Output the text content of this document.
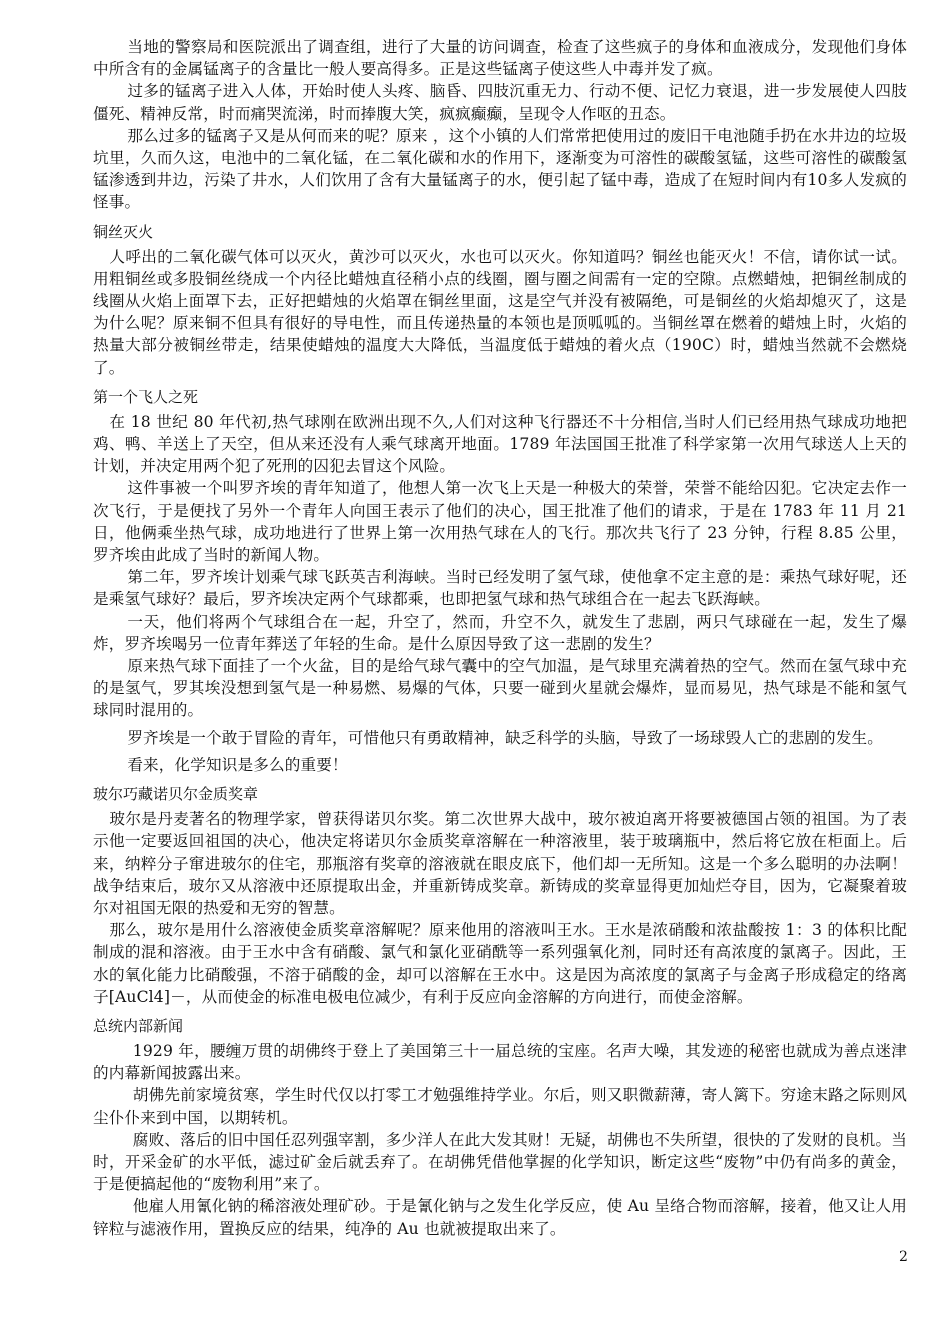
当地的警察局和医院派出了调查组，进行了大量的访问调查，检查了这些疯子的身体和血液成分，发现他们身体中所含有的金属锰离子的含量比一般人要高得多。正是这些锰离子使这些人中毒并发了疯。

过多的锰离子进入人体，开始时使人头疼、脑昏、四肢沉重无力、行动不便、记忆力衰退，进一步发展使人四肢僵死、精神反常，时而痛哭流涕，时而捧腹大笑，疯疯癫癫，呈现令人作呕的丑态。

那么过多的锰离子又是从何而来的呢？原来 ，这个小镇的人们常常把使用过的废旧干电池随手扔在水井边的垃圾坑里，久而久这，电池中的二氧化锰，在二氧化碳和水的作用下，逐渐变为可溶性的碳酸氢锰，这些可溶性的碳酸氢锰渗透到井边，污染了井水，人们饮用了含有大量锰离子的水，便引起了锰中毒，造成了在短时间内有10多人发疯的怪事。

铜丝灭火

人呼出的二氧化碳气体可以灭火，黄沙可以灭火，水也可以灭火。你知道吗？铜丝也能灭火！不信，请你试一试。用粗铜丝或多股铜丝绕成一个内径比蜡烛直径稍小点的线圈，圈与圈之间需有一定的空隙。点燃蜡烛，把铜丝制成的线圈从火焰上面罩下去，正好把蜡烛的火焰罩在铜丝里面，这是空气并没有被隔绝，可是铜丝的火焰却熄灭了，这是为什么呢？原来铜不但具有很好的导电性，而且传递热量的本领也是顶呱呱的。当铜丝罩在燃着的蜡烛上时，火焰的热量大部分被铜丝带走，结果使蜡烛的温度大大降低，当温度低于蜡烛的着火点（190C）时，蜡烛当然就不会燃烧了。

第一个飞人之死

在 18 世纪 80 年代初,热气球刚在欧洲出现不久,人们对这种飞行器还不十分相信,当时人们已经用热气球成功地把鸡、鸭、羊送上了天空，但从来还没有人乘气球离开地面。1789 年法国国王批准了科学家第一次用气球送人上天的计划，并决定用两个犯了死刑的囚犯去冒这个风险。

这件事被一个叫罗齐埃的青年知道了，他想人第一次飞上天是一种极大的荣誉，荣誉不能给囚犯。它决定去作一次飞行，于是便找了另外一个青年人向国王表示了他们的决心，国王批准了他们的请求，于是在 1783 年 11 月 21 日，他俩乘坐热气球，成功地进行了世界上第一次用热气球在人的飞行。那次共飞行了 23 分钟，行程 8.85 公里，罗齐埃由此成了当时的新闻人物。

第二年，罗齐埃计划乘气球飞跃英吉利海峡。当时已经发明了氢气球，使他拿不定主意的是：乘热气球好呢，还是乘氢气球好？最后，罗齐埃决定两个气球都乘，也即把氢气球和热气球组合在一起去飞跃海峡。

一天，他们将两个气球组合在一起，升空了，然而，升空不久，就发生了悲剧，两只气球碰在一起，发生了爆炸，罗齐埃喝另一位青年葬送了年轻的生命。是什么原因导致了这一悲剧的发生？

原来热气球下面挂了一个火盆，目的是给气球气囊中的空气加温，是气球里充满着热的空气。然而在氢气球中充的是氢气，罗其埃没想到氢气是一种易燃、易爆的气体，只要一碰到火星就会爆炸，显而易见，热气球是不能和氢气球同时混用的。

罗齐埃是一个敢于冒险的青年，可惜他只有勇敢精神，缺乏科学的头脑，导致了一场球毁人亡的悲剧的发生。

看来，化学知识是多么的重要！

玻尔巧藏诺贝尔金质奖章

玻尔是丹麦著名的物理学家，曾获得诺贝尔奖。第二次世界大战中，玻尔被迫离开将要被德国占领的祖国。为了表示他一定要返回祖国的决心，他决定将诺贝尔金质奖章溶解在一种溶液里，装于玻璃瓶中，然后将它放在柜面上。后来，纳粹分子窜进玻尔的住宅，那瓶溶有奖章的溶液就在眼皮底下，他们却一无所知。这是一个多么聪明的办法啊！战争结束后，玻尔又从溶液中还原提取出金，并重新铸成奖章。新铸成的奖章显得更加灿烂夺目，因为，它凝聚着玻尔对祖国无限的热爱和无穷的智慧。

那么，玻尔是用什么溶液使金质奖章溶解呢？原来他用的溶液叫王水。王水是浓硝酸和浓盐酸按 1：3 的体积比配制成的混和溶液。由于王水中含有硝酸、氯气和氯化亚硝酰等一系列强氧化剂，同时还有高浓度的氯离子。因此，王水的氧化能力比硝酸强，不溶于硝酸的金，却可以溶解在王水中。这是因为高浓度的氯离子与金离子形成稳定的络离子[AuCl4]－，从而使金的标准电极电位减少，有利于反应向金溶解的方向进行，而使金溶解。

总统内部新闻

1929 年，腰缠万贯的胡佛终于登上了美国第三十一届总统的宝座。名声大噪，其发迹的秘密也就成为善点迷津的内幕新闻披露出来。

胡佛先前家境贫寒，学生时代仅以打零工才勉强维持学业。尔后，则又职微薪薄，寄人篱下。穷途末路之际则风尘仆仆来到中国，以期转机。

腐败、落后的旧中国任忍列强宰割，多少洋人在此大发其财！无疑，胡佛也不失所望，很快的了发财的良机。当时，开采金矿的水平低，滤过矿金后就丢弃了。在胡佛凭借他掌握的化学知识，断定这些“废物”中仍有尚多的黄金，于是便搞起他的“废物利用”来了。

他雇人用氰化钠的稀溶液处理矿砂。于是氰化钠与之发生化学反应，使 Au 呈络合物而溶解，接着，他又让人用锌粒与滤液作用，置换反应的结果，纯净的 Au 也就被提取出来了。

2
